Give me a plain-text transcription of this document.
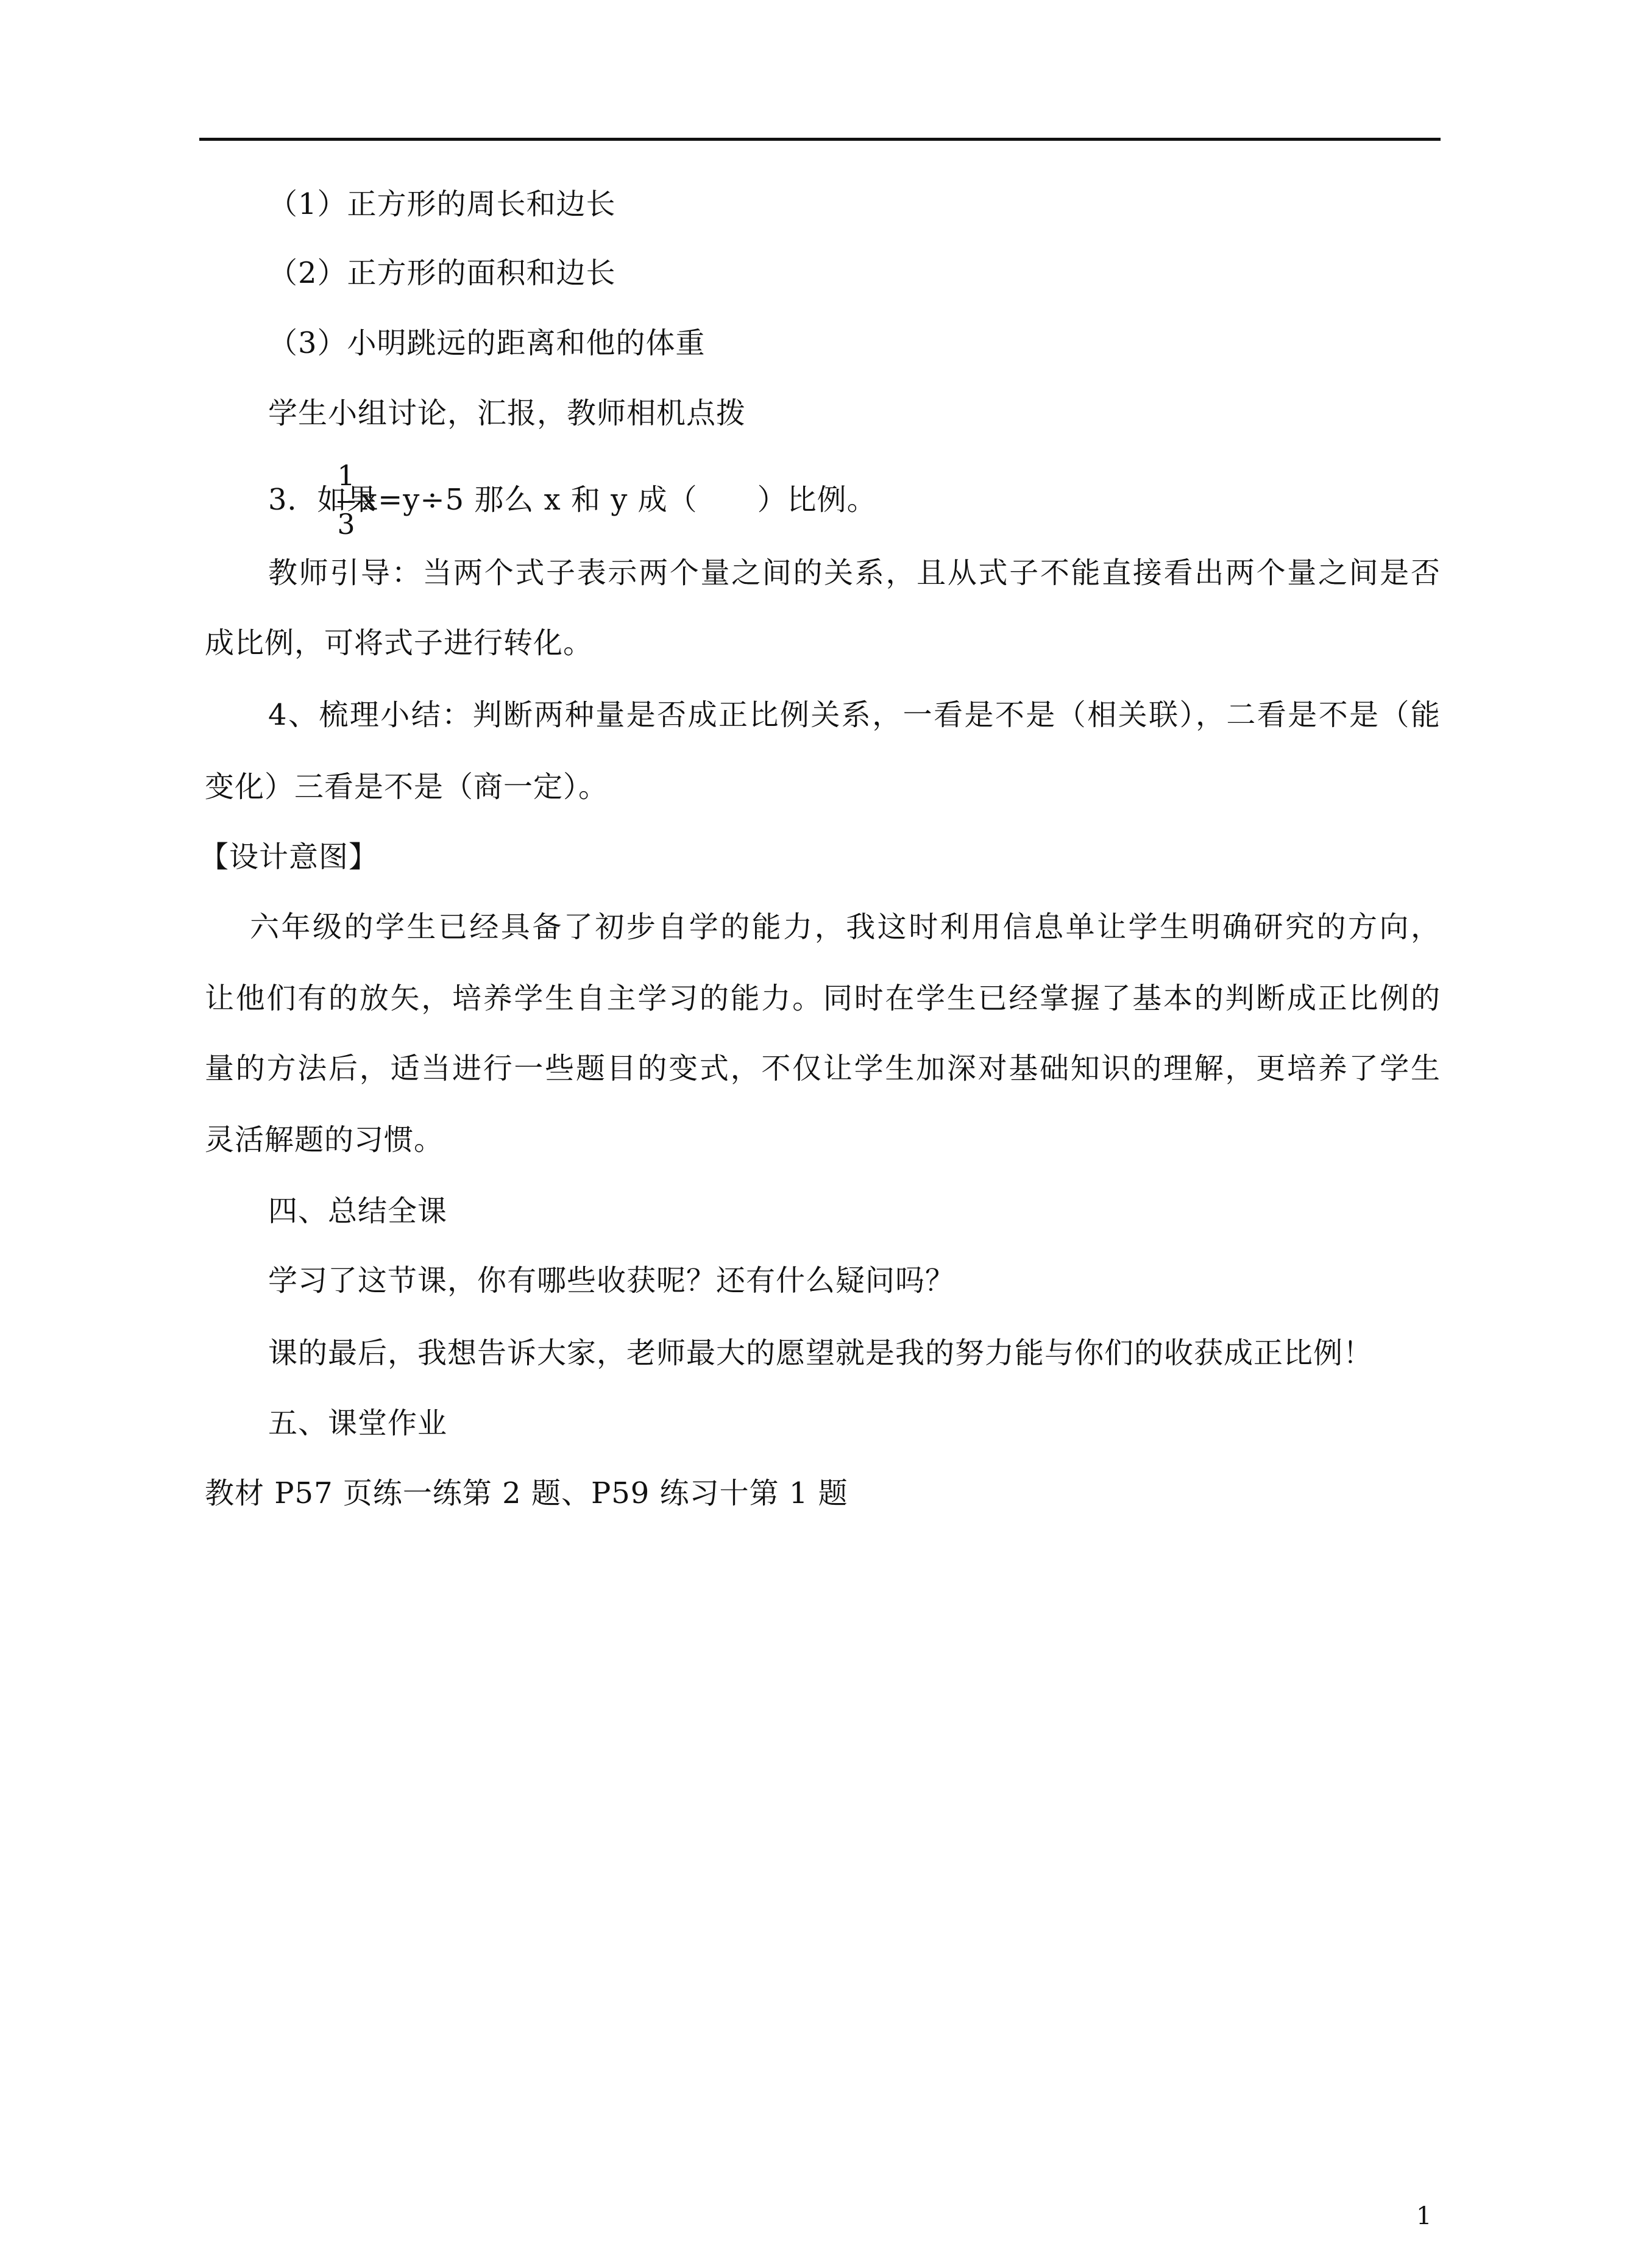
（1）正方形的周长和边长
（2）正方形的面积和边长
（3）小明跳远的距离和他的体重
学生小组讨论，汇报，教师相机点拨
3．如果
1
3
x=y÷5 那么 x 和 y 成（　　）比例。
教师引导：当两个式子表示两个量之间的关系，且从式子不能直接看出两个量之间是否
成比例，可将式子进行转化。
4、梳理小结：判断两种量是否成正比例关系，一看是不是（相关联），二看是不是（能
变化）三看是不是（商一定）。
【设计意图】
六年级的学生已经具备了初步自学的能力，我这时利用信息单让学生明确研究的方向，
让他们有的放矢，培养学生自主学习的能力。同时在学生已经掌握了基本的判断成正比例的
量的方法后，适当进行一些题目的变式，不仅让学生加深对基础知识的理解，更培养了学生
灵活解题的习惯。
四、总结全课
学习了这节课，你有哪些收获呢？还有什么疑问吗？
课的最后，我想告诉大家，老师最大的愿望就是我的努力能与你们的收获成正比例！
五、课堂作业
教材 P57 页练一练第 2 题、P59 练习十第 1 题
1
